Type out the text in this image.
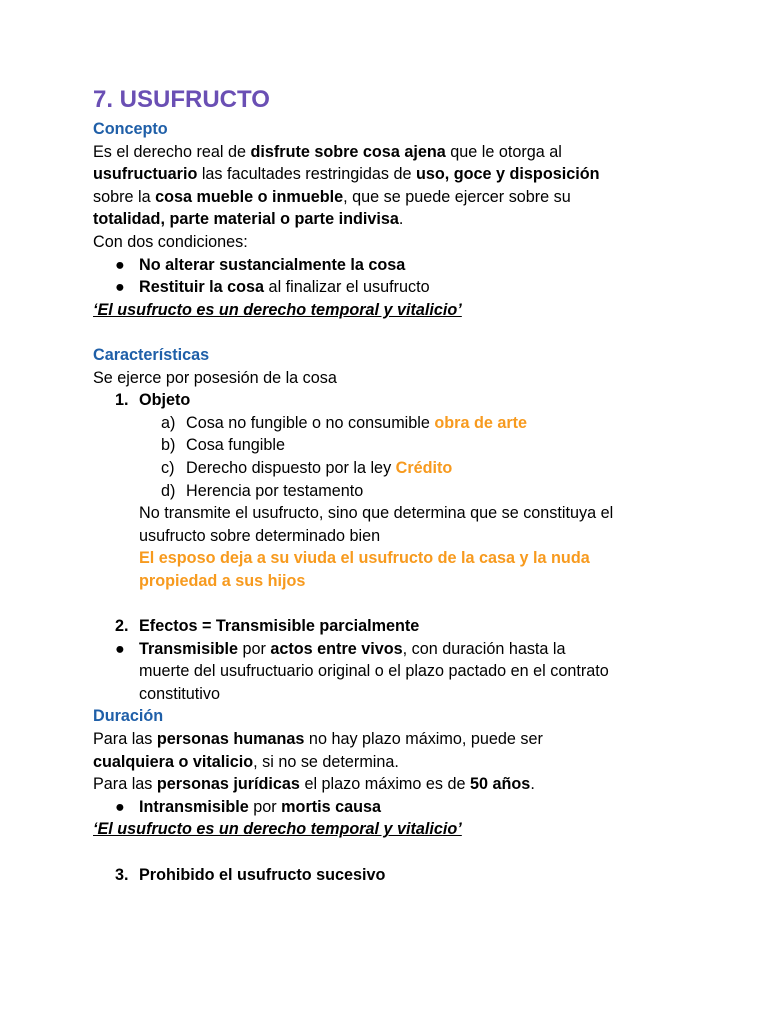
7. USUFRUCTO
Concepto
Es el derecho real de disfrute sobre cosa ajena que le otorga al
usufructuario las facultades restringidas de uso, goce y disposición
sobre la cosa mueble o inmueble, que se puede ejercer sobre su
totalidad, parte material o parte indivisa.
Con dos condiciones:
● No alterar sustancialmente la cosa
● Restituir la cosa al finalizar el usufructo
‘El usufructo es un derecho temporal y vitalicio’
Características
Se ejerce por posesión de la cosa
1. Objeto
a) Cosa no fungible o no consumible obra de arte
b) Cosa fungible
c) Derecho dispuesto por la ley Crédito
d) Herencia por testamento
No transmite el usufructo, sino que determina que se constituya el
usufructo sobre determinado bien
El esposo deja a su viuda el usufructo de la casa y la nuda
propiedad a sus hijos
2. Efectos = Transmisible parcialmente
● Transmisible por actos entre vivos, con duración hasta la
muerte del usufructuario original o el plazo pactado en el contrato
constitutivo
Duración
Para las personas humanas no hay plazo máximo, puede ser
cualquiera o vitalicio, si no se determina.
Para las personas jurídicas el plazo máximo es de 50 años.
● Intransmisible por mortis causa
‘El usufructo es un derecho temporal y vitalicio’
3. Prohibido el usufructo sucesivo
